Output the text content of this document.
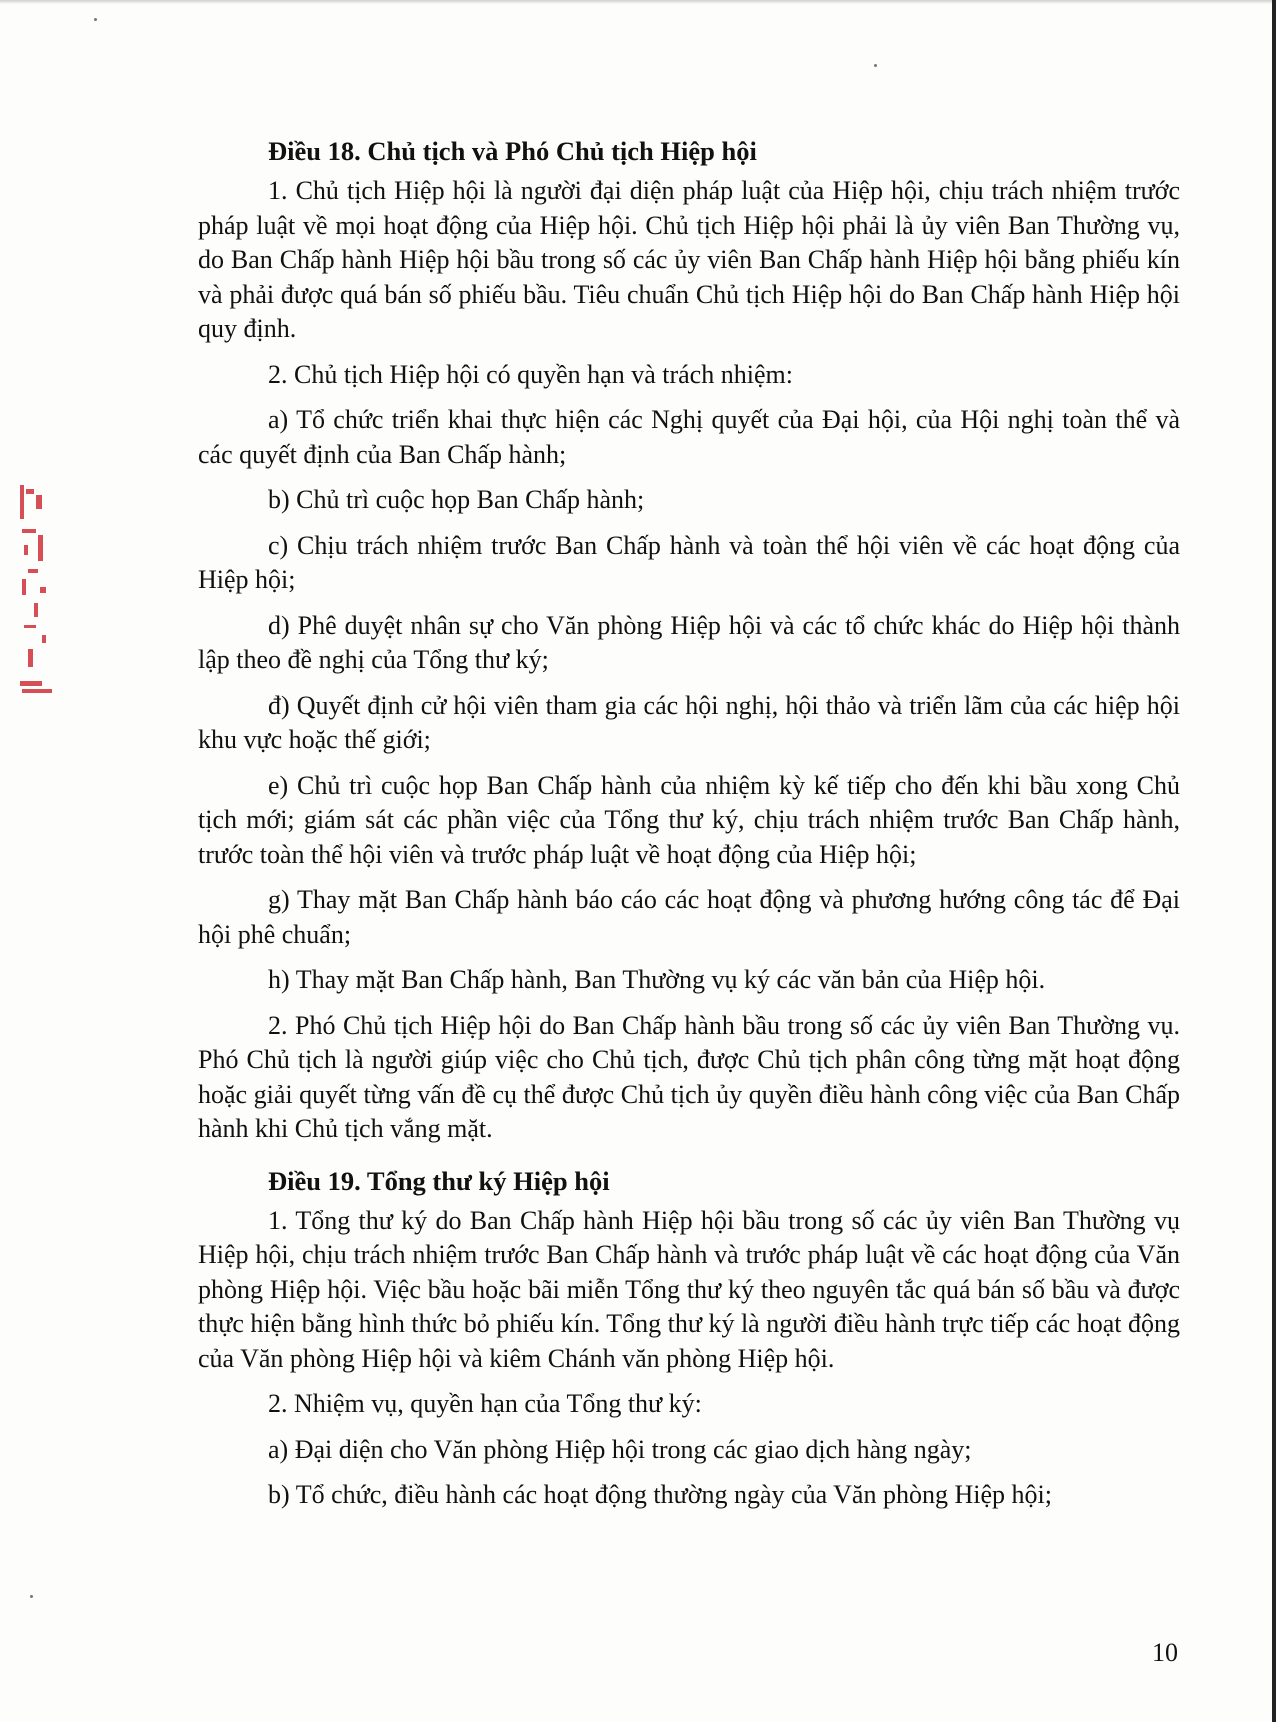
Điều 18. Chủ tịch và Phó Chủ tịch Hiệp hội

1. Chủ tịch Hiệp hội là người đại diện pháp luật của Hiệp hội, chịu trách nhiệm trước pháp luật về mọi hoạt động của Hiệp hội. Chủ tịch Hiệp hội phải là ủy viên Ban Thường vụ, do Ban Chấp hành Hiệp hội bầu trong số các ủy viên Ban Chấp hành Hiệp hội bằng phiếu kín và phải được quá bán số phiếu bầu. Tiêu chuẩn Chủ tịch Hiệp hội do Ban Chấp hành Hiệp hội quy định.

2. Chủ tịch Hiệp hội có quyền hạn và trách nhiệm:

a) Tổ chức triển khai thực hiện các Nghị quyết của Đại hội, của Hội nghị toàn thể và các quyết định của Ban Chấp hành;

b) Chủ trì cuộc họp Ban Chấp hành;

c) Chịu trách nhiệm trước Ban Chấp hành và toàn thể hội viên về các hoạt động của Hiệp hội;

d) Phê duyệt nhân sự cho Văn phòng Hiệp hội và các tổ chức khác do Hiệp hội thành lập theo đề nghị của Tổng thư ký;

đ) Quyết định cử hội viên tham gia các hội nghị, hội thảo và triển lãm của các hiệp hội khu vực hoặc thế giới;

e) Chủ trì cuộc họp Ban Chấp hành của nhiệm kỳ kế tiếp cho đến khi bầu xong Chủ tịch mới; giám sát các phần việc của Tổng thư ký, chịu trách nhiệm trước Ban Chấp hành, trước toàn thể hội viên và trước pháp luật về hoạt động của Hiệp hội;

g) Thay mặt Ban Chấp hành báo cáo các hoạt động và phương hướng công tác để Đại hội phê chuẩn;

h) Thay mặt Ban Chấp hành, Ban Thường vụ ký các văn bản của Hiệp hội.

2. Phó Chủ tịch Hiệp hội do Ban Chấp hành bầu trong số các ủy viên Ban Thường vụ. Phó Chủ tịch là người giúp việc cho Chủ tịch, được Chủ tịch phân công từng mặt hoạt động hoặc giải quyết từng vấn đề cụ thể được Chủ tịch ủy quyền điều hành công việc của Ban Chấp hành khi Chủ tịch vắng mặt.

Điều 19. Tổng thư ký Hiệp hội

1. Tổng thư ký do Ban Chấp hành Hiệp hội bầu trong số các ủy viên Ban Thường vụ Hiệp hội, chịu trách nhiệm trước Ban Chấp hành và trước pháp luật về các hoạt động của Văn phòng Hiệp hội. Việc bầu hoặc bãi miễn Tổng thư ký theo nguyên tắc quá bán số bầu và được thực hiện bằng hình thức bỏ phiếu kín. Tổng thư ký là người điều hành trực tiếp các hoạt động của Văn phòng Hiệp hội và kiêm Chánh văn phòng Hiệp hội.

2. Nhiệm vụ, quyền hạn của Tổng thư ký:

a) Đại diện cho Văn phòng Hiệp hội trong các giao dịch hàng ngày;

b) Tổ chức, điều hành các hoạt động thường ngày của Văn phòng Hiệp hội;

10
